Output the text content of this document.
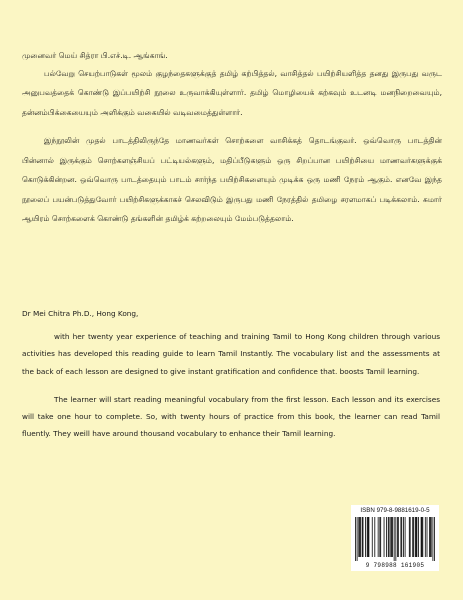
முனைவர் மெய் சித்ரா பி.எச்.டி. ஆங்காங்.

பல்வேறு செயற்பாடுகள் மூலம் குழந்தைகளுக்குத் தமிழ் கற்பித்தல், வாசித்தல் பயிற்சியளித்த தனது இருபது வருட அனுபவத்தைக் கொண்டு இப்பயிற்சி நூலை உருவாக்கியுள்ளார். தமிழ் மொழியைக் கற்கவும் உடனடி மனநிறைவையும், தன்னம்பிக்கையையும் அளிக்கும் வகையில் வடிவமைத்துள்ளார்.

இந்நூலின் முதல் பாடத்திலிருந்தே மாணவர்கள் சொற்களை வாசிக்கத் தொடங்குவர். ஒவ்வொரு பாடத்தின் பின்னால் இருக்கும் சொற்களஞ்சியப் பட்டியல்களும், மதிப்பீடுகளும் ஒரு சிறப்பான பயிற்சியை மாணவர்களுக்குக் கொடுக்கின்றன. ஒவ்வொரு பாடத்தையும் பாடம் சார்ந்த பயிற்சிகளையும் முடிக்க ஒரு மணி நேரம் ஆகும். எனவே இந்த நூலைப் பயன்படுத்துவோர் பயிற்சிகளுக்காகச் செலவிடும் இருபது மணி நேரத்தில் தமிழை சரளமாகப் படிக்கலாம். சுமார் ஆயிரம் சொற்களைக் கொண்டு தங்களின் தமிழ்க் கற்றலையும் மேம்படுத்தலாம்.

Dr Mei Chitra Ph.D., Hong Kong,

with her twenty year experience of teaching and training Tamil to Hong Kong children through various activities has developed this reading guide to learn Tamil Instantly. The vocabulary list and the assessments at the back of each lesson are designed to give instant gratification and confidence that. boosts Tamil learning.

The learner will start reading meaningful vocabulary from the first lesson. Each lesson and its exercises will take one hour to complete. So, with twenty hours of practice from this book, the learner can read Tamil fluently. They weill have around thousand vocabulary to enhance their Tamil learning.

ISBN 979-8-9881619-0-5
9 798988 161905
